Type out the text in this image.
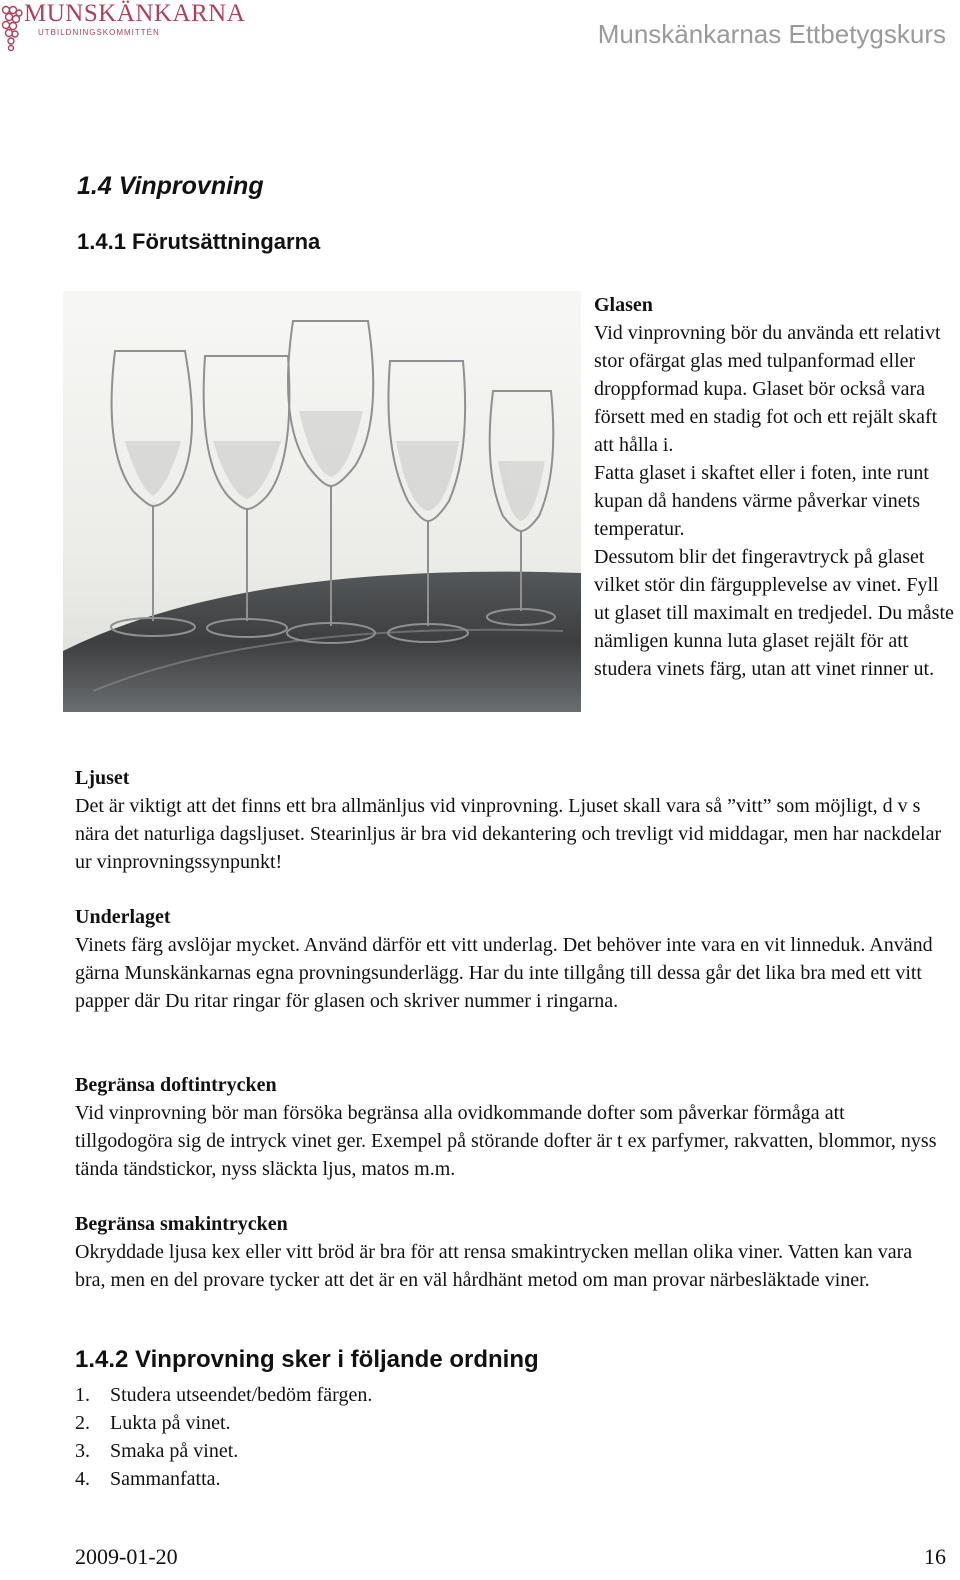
MUNSKÄNKARNA
UTBILDNINGSKOMMITTÉN	Munskänkarnas Ettbetygskurs
1.4 Vinprovning
1.4.1 Förutsättningarna
Glasen

Vid vinprovning bör du använda ett relativt stor ofärgat glas med tulpanformad eller droppformad kupa. Glaset bör också vara försett med en stadig fot och ett rejält skaft att hålla i.

Fatta glaset i skaftet eller i foten, inte runt kupan då handens värme påverkar vinets temperatur.

Dessutom blir det fingeravtryck på glaset vilket stör din färgupplevelse av vinet. Fyll ut glaset till maximalt en tredjedel. Du måste nämligen kunna luta glaset rejält för att studera vinets färg, utan att vinet rinner ut.

Ljuset

Det är viktigt att det finns ett bra allmänljus vid vinprovning. Ljuset skall vara så ”vitt” som möjligt, d v s nära det naturliga dagsljuset. Stearinljus är bra vid dekantering och trevligt vid middagar, men har nackdelar ur vinprovningssynpunkt!

Underlaget

Vinets färg avslöjar mycket. Använd därför ett vitt underlag. Det behöver inte vara en vit linneduk. Använd gärna Munskänkarnas egna provningsunderlägg. Har du inte tillgång till dessa går det lika bra med ett vitt papper där Du ritar ringar för glasen och skriver nummer i ringarna.

Begränsa doftintrycken

Vid vinprovning bör man försöka begränsa alla ovidkommande dofter som påverkar förmåga att tillgodogöra sig de intryck vinet ger. Exempel på störande dofter är t ex parfymer, rakvatten, blommor, nyss tända tändstickor, nyss släckta ljus, matos m.m.

Begränsa smakintrycken

Okryddade ljusa kex eller vitt bröd är bra för att rensa smakintrycken mellan olika viner. Vatten kan vara bra, men en del provare tycker att det är en väl hårdhänt metod om man provar närbesläktade viner.

1.4.2 Vinprovning sker i följande ordning
1.	Studera utseendet/bedöm färgen.
2.	Lukta på vinet.
3.	Smaka på vinet.
4.	Sammanfatta.
2009-01-20	16
